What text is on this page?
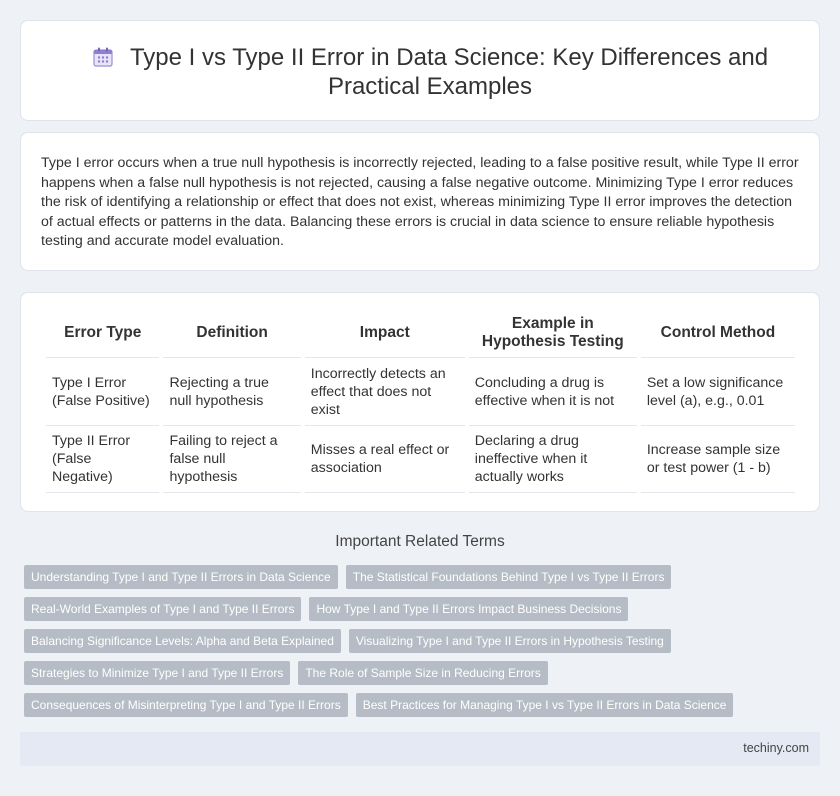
Type I vs Type II Error in Data Science: Key Differences and Practical Examples

Type I error occurs when a true null hypothesis is incorrectly rejected, leading to a false positive result, while Type II error happens when a false null hypothesis is not rejected, causing a false negative outcome. Minimizing Type I error reduces the risk of identifying a relationship or effect that does not exist, whereas minimizing Type II error improves the detection of actual effects or patterns in the data. Balancing these errors is crucial in data science to ensure reliable hypothesis testing and accurate model evaluation.

Error Type	Definition	Impact	Example in Hypothesis Testing	Control Method
Type I Error (False Positive)	Rejecting a true null hypothesis	Incorrectly detects an effect that does not exist	Concluding a drug is effective when it is not	Set a low significance level (a), e.g., 0.01
Type II Error (False Negative)	Failing to reject a false null hypothesis	Misses a real effect or association	Declaring a drug ineffective when it actually works	Increase sample size or test power (1 - b)
Important Related Terms
Understanding Type I and Type II Errors in Data Science	The Statistical Foundations Behind Type I vs Type II Errors
Real-World Examples of Type I and Type II Errors	How Type I and Type II Errors Impact Business Decisions
Balancing Significance Levels: Alpha and Beta Explained	Visualizing Type I and Type II Errors in Hypothesis Testing
Strategies to Minimize Type I and Type II Errors	The Role of Sample Size in Reducing Errors
Consequences of Misinterpreting Type I and Type II Errors	Best Practices for Managing Type I vs Type II Errors in Data Science
techiny.com
